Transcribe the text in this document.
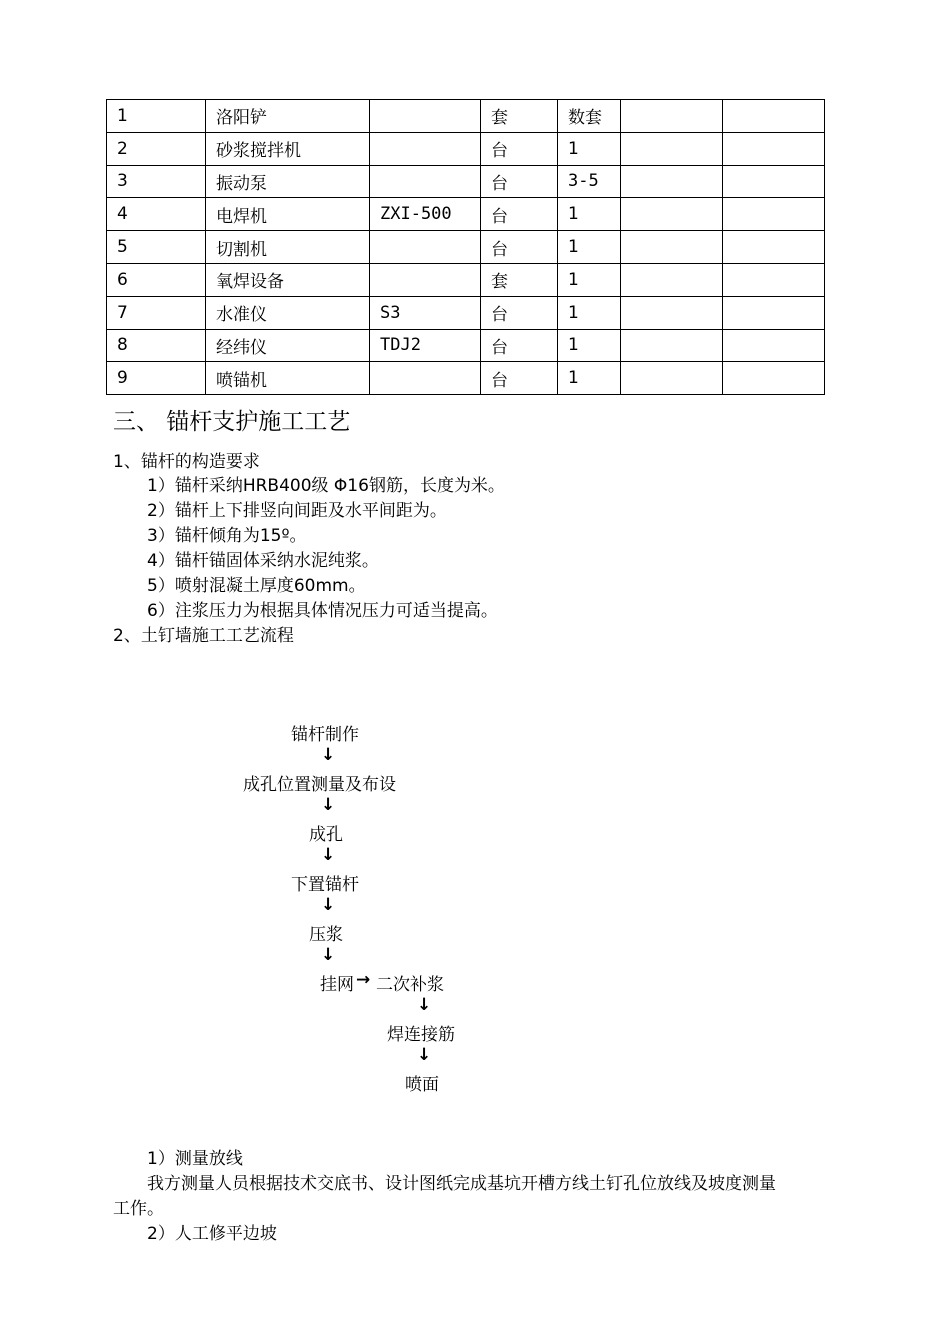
1	洛阳铲		套	数套		
2	砂浆搅拌机		台	1		
3	振动泵		台	3-5		
4	电焊机	ZXI-500	台	1		
5	切割机		台	1		
6	氧焊设备		套	1		
7	水准仪	S3	台	1		
8	经纬仪	TDJ2	台	1		
9	喷锚机		台	1		
三、 锚杆支护施工工艺
1、锚杆的构造要求
1）锚杆采纳HRB400级 Φ16钢筋，长度为米。
2）锚杆上下排竖向间距及水平间距为。
3）锚杆倾角为15º。
4）锚杆锚固体采纳水泥纯浆。
5）喷射混凝土厚度60mm。
6）注浆压力为根据具体情况压力可适当提高。
2、土钉墙施工工艺流程
锚杆制作
↓
成孔位置测量及布设
↓
成孔
↓
下置锚杆
↓
压浆
↓
挂网 → 二次补浆
↓
焊连接筋
↓
喷面
1）测量放线
我方测量人员根据技术交底书、设计图纸完成基坑开槽方线土钉孔位放线及坡度测量
工作。
2）人工修平边坡
